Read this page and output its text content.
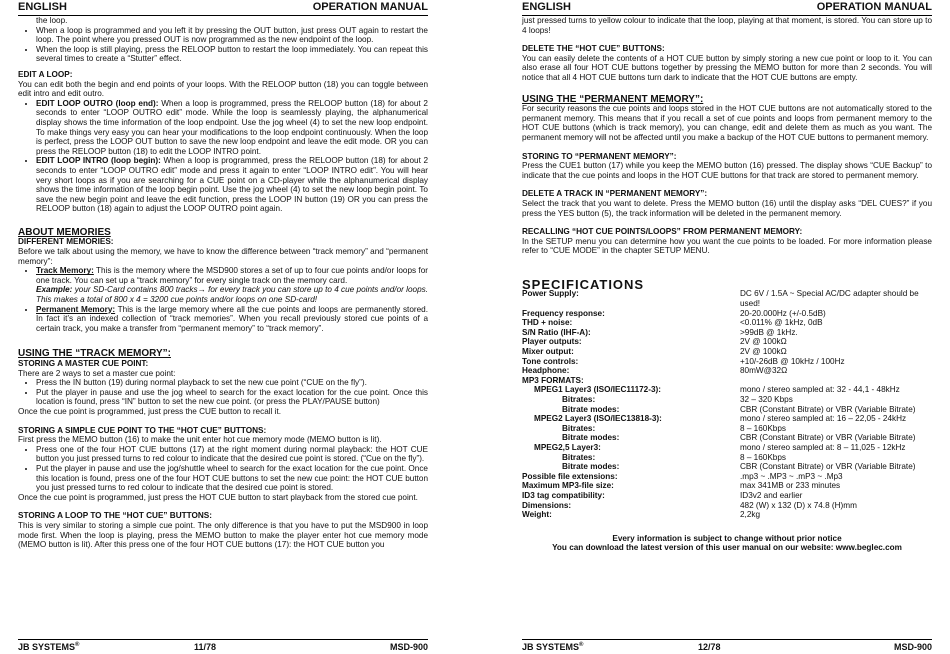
ENGLISH	OPERATION MANUAL

the loop.

• When a loop is programmed and you left it by pressing the OUT button, just press OUT again to restart the loop. The point where you pressed OUT is now programmed as the new endpoint of the loop.
• When the loop is still playing, press the RELOOP button to restart the loop immediately. You can repeat this several times to create a “Stutter” effect.

EDIT A LOOP:

You can edit both the begin and end points of your loops. With the RELOOP button (18) you can toggle between edit intro and edit outro.

• EDIT LOOP OUTRO (loop end): When a loop is programmed, press the RELOOP button (18) for about 2 seconds to enter “LOOP OUTRO edit” mode. While the loop is seamlessly playing, the alphanumerical display shows the time information of the loop endpoint. Use the jog wheel (4) to set the new loop endpoint. To make things very easy you can hear your modifications to the loop endpoint continuously. When the loop is perfect, press the LOOP OUT button to save the new loop endpoint and leave the edit mode. OR you can press the RELOOP button (18) to edit the LOOP INTRO point.
• EDIT LOOP INTRO (loop begin): When a loop is programmed, press the RELOOP button (18) for about 2 seconds to enter “LOOP OUTRO edit” mode and press it again to enter “LOOP INTRO edit”. You will hear very short loops as if you are searching for a CUE point on a CD-player while the alphanumerical display shows the time information of the loop begin point. Use the jog wheel (4) to set the new loop begin point. To save the new begin point and leave the edit function, press the LOOP IN button (19) OR you can press the RELOOP button (18) again to adjust the LOOP OUTRO point again.

ABOUT MEMORIES

DIFFERENT MEMORIES:

Before we talk about using the memory, we have to know the difference between “track memory” and “permanent memory”:

• Track Memory: This is the memory where the MSD900 stores a set of up to four cue points and/or loops for one track. You can set up a “track memory” for every single track on the memory card.
Example: your SD-Card contains 800 tracks→ for every track you can store up to 4 cue points and/or loops. This makes a total of 800 x 4 = 3200 cue points and/or loops on one SD-card!
• Permanent Memory: This is the large memory where all the cue points and loops are permanently stored. In fact it’s an indexed collection of “track memories”. When you recall previously stored cue points of a certain track, you make a transfer from “permanent memory” to “track memory”.

USING THE “TRACK MEMORY”:

STORING A MASTER CUE POINT:

There are 2 ways to set a master cue point:

• Press the IN button (19) during normal playback to set the new cue point (“CUE on the fly”).
• Put the player in pause and use the jog wheel to search for the exact location for the cue point. Once this location is found, press “IN” button to set the new cue point. (or press the PLAY/PAUSE button)

Once the cue point is programmed, just press the CUE button to recall it.

STORING A SIMPLE CUE POINT TO THE “HOT CUE” BUTTONS:

First press the MEMO button (16) to make the unit enter hot cue memory mode (MEMO button is lit).

• Press one of the four HOT CUE buttons (17) at the right moment during normal playback: the HOT CUE button you just pressed turns to red colour to indicate that the desired cue point is stored. (“Cue on the fly”).
• Put the player in pause and use the jog/shuttle wheel to search for the exact location for the cue point. Once this location is found, press one of the four HOT CUE buttons to set the new cue point: the HOT CUE button you just pressed turns to red colour to indicate that the desired cue point is stored.

Once the cue point is programmed, just press the HOT CUE button to start playback from the stored cue point.

STORING A LOOP TO THE “HOT CUE” BUTTONS:

This is very similar to storing a simple cue point. The only difference is that you have to put the MSD900 in loop mode first. When the loop is playing, press the MEMO button to make the player enter hot cue memory mode (MEMO button is lit). After this press one of the four HOT CUE buttons (17): the HOT CUE button you

JB SYSTEMS®	11/78	MSD-900
ENGLISH	OPERATION MANUAL

just pressed turns to yellow colour to indicate that the loop, playing at that moment, is stored. You can store up to 4 loops!

DELETE THE “HOT CUE” BUTTONS:

You can easily delete the contents of a HOT CUE button by simply storing a new cue point or loop to it. You can also erase all four HOT CUE buttons together by pressing the MEMO button for more than 2 seconds. You will notice that all 4 HOT CUE buttons turn dark to indicate that the HOT CUE buttons are empty.

USING THE “PERMANENT MEMORY”:

For security reasons the cue points and loops stored in the HOT CUE buttons are not automatically stored to the permanent memory. This means that if you recall a set of cue points and loops from permanent memory to the HOT CUE buttons (which is track memory), you can change, edit and delete them as much as you want. The permanent memory will not be affected until you make a backup of the HOT CUE buttons to permanent memory.

STORING TO “PERMANENT MEMORY”:

Press the CUE1 button (17) while you keep the MEMO button (16) pressed. The display shows “CUE Backup” to indicate that the cue points and loops in the HOT CUE buttons for that track are stored to permanent memory.

DELETE A TRACK IN “PERMANENT MEMORY”:

Select the track that you want to delete. Press the MEMO button (16) until the display asks “DEL CUES?” if you press the YES button (5), the track information will be deleted in the permanent memory.

RECALLING “HOT CUE POINTS/LOOPS” FROM PERMANENT MEMORY:

In the SETUP menu you can determine how you want the cue points to be loaded. For more information please refer to “CUE MODE” in the chapter SETUP MENU.

SPECIFICATIONS

Power Supply:	DC 6V / 1.5A ~ Special AC/DC adapter should be used!
Frequency response:	20-20.000Hz (+/-0.5dB)
THD + noise:	<0.011% @ 1kHz, 0dB
S/N Ratio (IHF-A):	>99dB @ 1kHz.
Player outputs:	2V @ 100kΩ
Mixer output:	2V @ 100kΩ
Tone controls:	+10/-26dB @ 10kHz / 100Hz
Headphone:	80mW@32Ω
MP3 FORMATS:	
MPEG1 Layer3 (ISO/IEC11172-3):	mono / stereo sampled at: 32 - 44,1 - 48kHz
Bitrates:	32 – 320 Kbps
Bitrate modes:	CBR (Constant Bitrate) or VBR (Variable Bitrate)
MPEG2 Layer3 (ISO/IEC13818-3):	mono / stereo sampled at: 16 – 22,05 - 24kHz
Bitrates:	8 – 160Kbps
Bitrate modes:	CBR (Constant Bitrate) or VBR (Variable Bitrate)
MPEG2,5 Layer3:	mono / stereo sampled at: 8 – 11,025 - 12kHz
Bitrates:	8 – 160Kbps
Bitrate modes:	CBR (Constant Bitrate) or VBR (Variable Bitrate)
Possible file extensions:	.mp3 ~ .MP3 ~ .mP3 ~ .Mp3
Maximum MP3-file size:	max 341MB or 233 minutes
ID3 tag compatibility:	ID3v2 and earlier
Dimensions:	482 (W) x 132 (D) x 74.8 (H)mm
Weight:	2,2kg

Every information is subject to change without prior notice

You can download the latest version of this user manual on our website: www.beglec.com

JB SYSTEMS®	12/78	MSD-900
